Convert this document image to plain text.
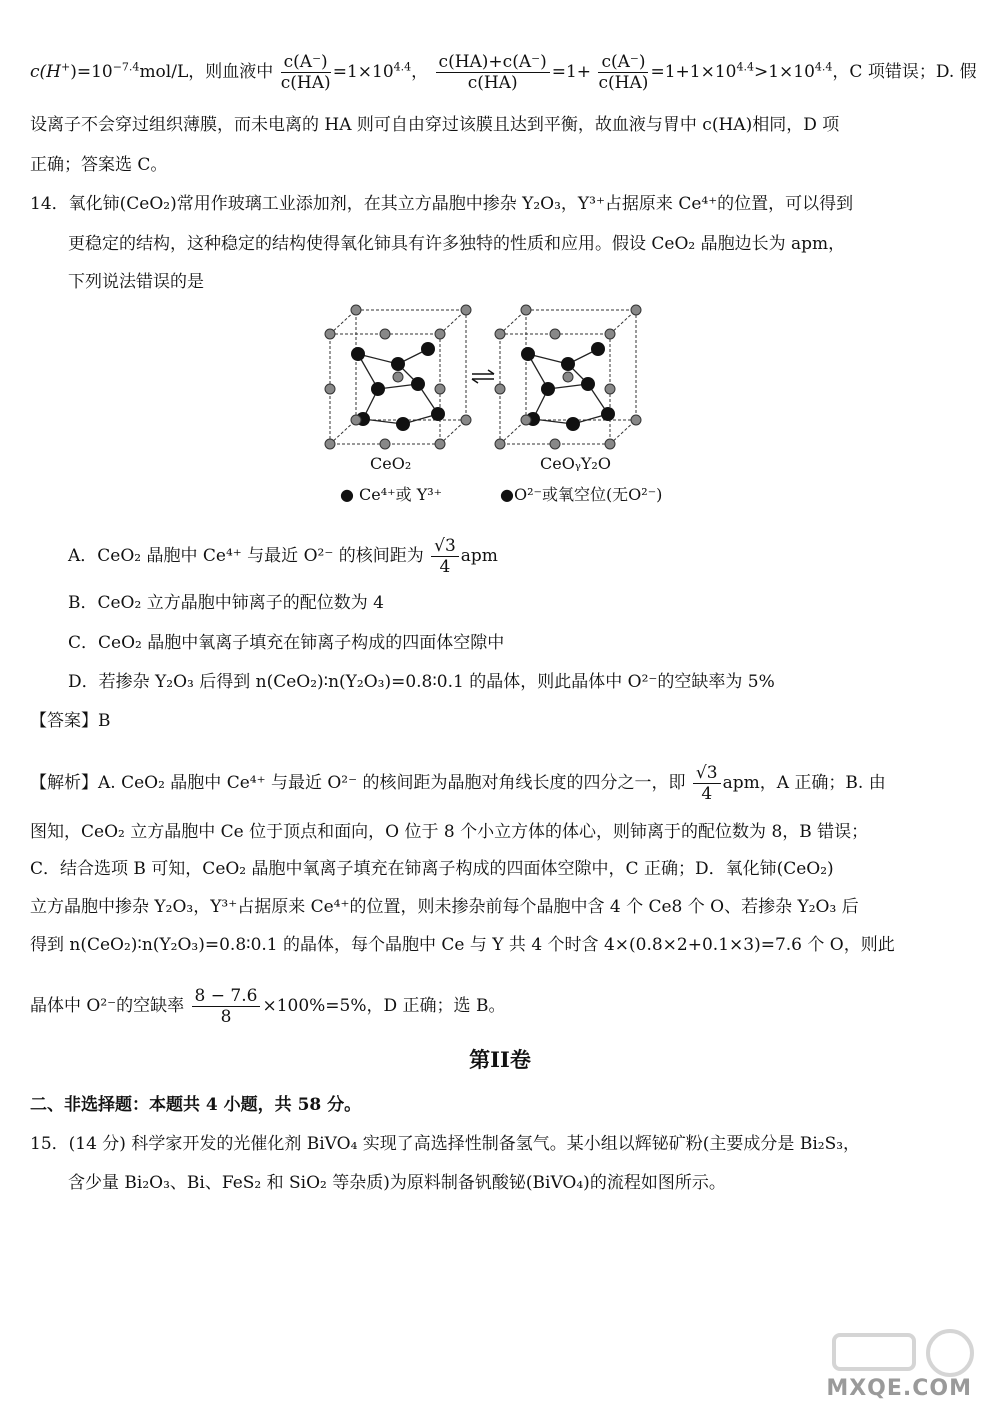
$c(H^+)=10^{-7.4}mol/L$，则血液中 $\frac{c(A^-)}{c(HA)} =1\times 10^{4.4}$， $\frac{c(HA)+c(A^-)}{c(HA)} =1+ \frac{c(A^-)}{c(HA)} =1+1\times 10^{4.4}>1\times 10^{4.4}$，C 项错误；D. 假
设离子不会穿过组织薄膜，而未电离的 HA 则可自由穿过该膜且达到平衡，故血液与胃中 c(HA)相同，D 项
正确；答案选 C。
14．氧化铈(CeO₂)常用作玻璃工业添加剂，在其立方晶胞中掺杂 Y₂O₃，Y³⁺占据原来 Ce⁴⁺的位置，可以得到
更稳定的结构，这种稳定的结构使得氧化铈具有许多独特的性质和应用。假设 CeO₂ 晶胞边长为 apm，
下列说法错误的是
CeO₂	CeOᵧY₂O
● Ce⁴⁺或 Y³⁺	●O²⁻或氧空位(无O²⁻)
A．CeO₂ 晶胞中 Ce⁴⁺ 与最近 O²⁻ 的核间距为 $\frac{√3}{4}$ apm
B．CeO₂ 立方晶胞中铈离子的配位数为 4
C．CeO₂ 晶胞中氧离子填充在铈离子构成的四面体空隙中
D．若掺杂 Y₂O₃ 后得到 n(CeO₂)∶n(Y₂O₃)=0.8∶0.1 的晶体，则此晶体中 O²⁻的空缺率为 5%
【答案】B
【解析】A. CeO₂ 晶胞中 Ce⁴⁺ 与最近 O²⁻ 的核间距为晶胞对角线长度的四分之一，即 $\frac{√3}{4}$ apm，A 正确；B. 由
图知，CeO₂ 立方晶胞中 Ce 位于顶点和面向，O 位于 8 个小立方体的体心，则铈离于的配位数为 8，B 错误；
C．结合选项 B 可知，CeO₂ 晶胞中氧离子填充在铈离子构成的四面体空隙中，C 正确；D．氧化铈(CeO₂)
立方晶胞中掺杂 Y₂O₃，Y³⁺占据原来 Ce⁴⁺的位置，则未掺杂前每个晶胞中含 4 个 Ce8 个 O、若掺杂 Y₂O₃ 后
得到 n(CeO₂)∶n(Y₂O₃)=0.8∶0.1 的晶体，每个晶胞中 Ce 与 Y 共 4 个时含 4×(0.8×2+0.1×3)=7.6 个 O，则此
晶体中 O²⁻的空缺率 $\frac{8 - 7.6}{8} \times 100\%=5\%$，D 正确；选 B。
第II卷
二、非选择题：本题共 4 小题，共 58 分。
15．(14 分) 科学家开发的光催化剂 BiVO₄ 实现了高选择性制备氢气。某小组以辉铋矿粉(主要成分是 Bi₂S₃，
含少量 Bi₂O₃、Bi、FeS₂ 和 SiO₂ 等杂质)为原料制备钒酸铋(BiVO₄)的流程如图所示。
MXQE.COM
